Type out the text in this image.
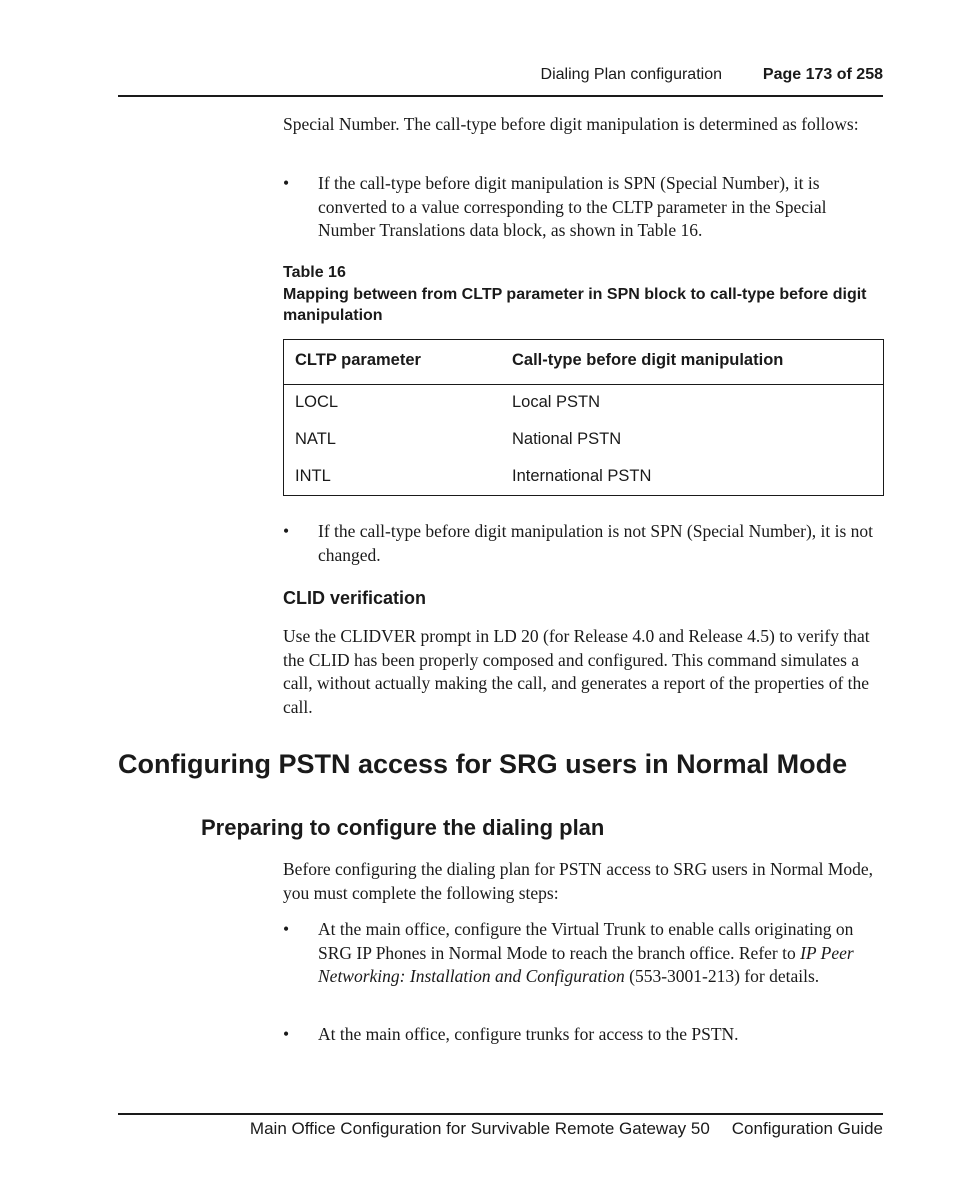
Dialing Plan configuration	Page 173 of 258

Special Number. The call-type before digit manipulation is determined as follows:

• If the call-type before digit manipulation is SPN (Special Number), it is converted to a value corresponding to the CLTP parameter in the Special Number Translations data block, as shown in Table 16.
Table 16
Mapping between from CLTP parameter in SPN block to call-type before digit manipulation
CLTP parameter	Call-type before digit manipulation
LOCL	Local PSTN
NATL	National PSTN
INTL	International PSTN
• If the call-type before digit manipulation is not SPN (Special Number), it is not changed.
CLID verification

Use the CLIDVER prompt in LD 20 (for Release 4.0 and Release 4.5) to verify that the CLID has been properly composed and configured. This command simulates a call, without actually making the call, and generates a report of the properties of the call.

Configuring PSTN access for SRG users in Normal Mode
Preparing to configure the dialing plan

Before configuring the dialing plan for PSTN access to SRG users in Normal Mode, you must complete the following steps:

• At the main office, configure the Virtual Trunk to enable calls originating on SRG IP Phones in Normal Mode to reach the branch office. Refer to IP Peer Networking: Installation and Configuration (553-3001-213) for details.
• At the main office, configure trunks for access to the PSTN.
Main Office Configuration for Survivable Remote Gateway 50 Configuration Guide
